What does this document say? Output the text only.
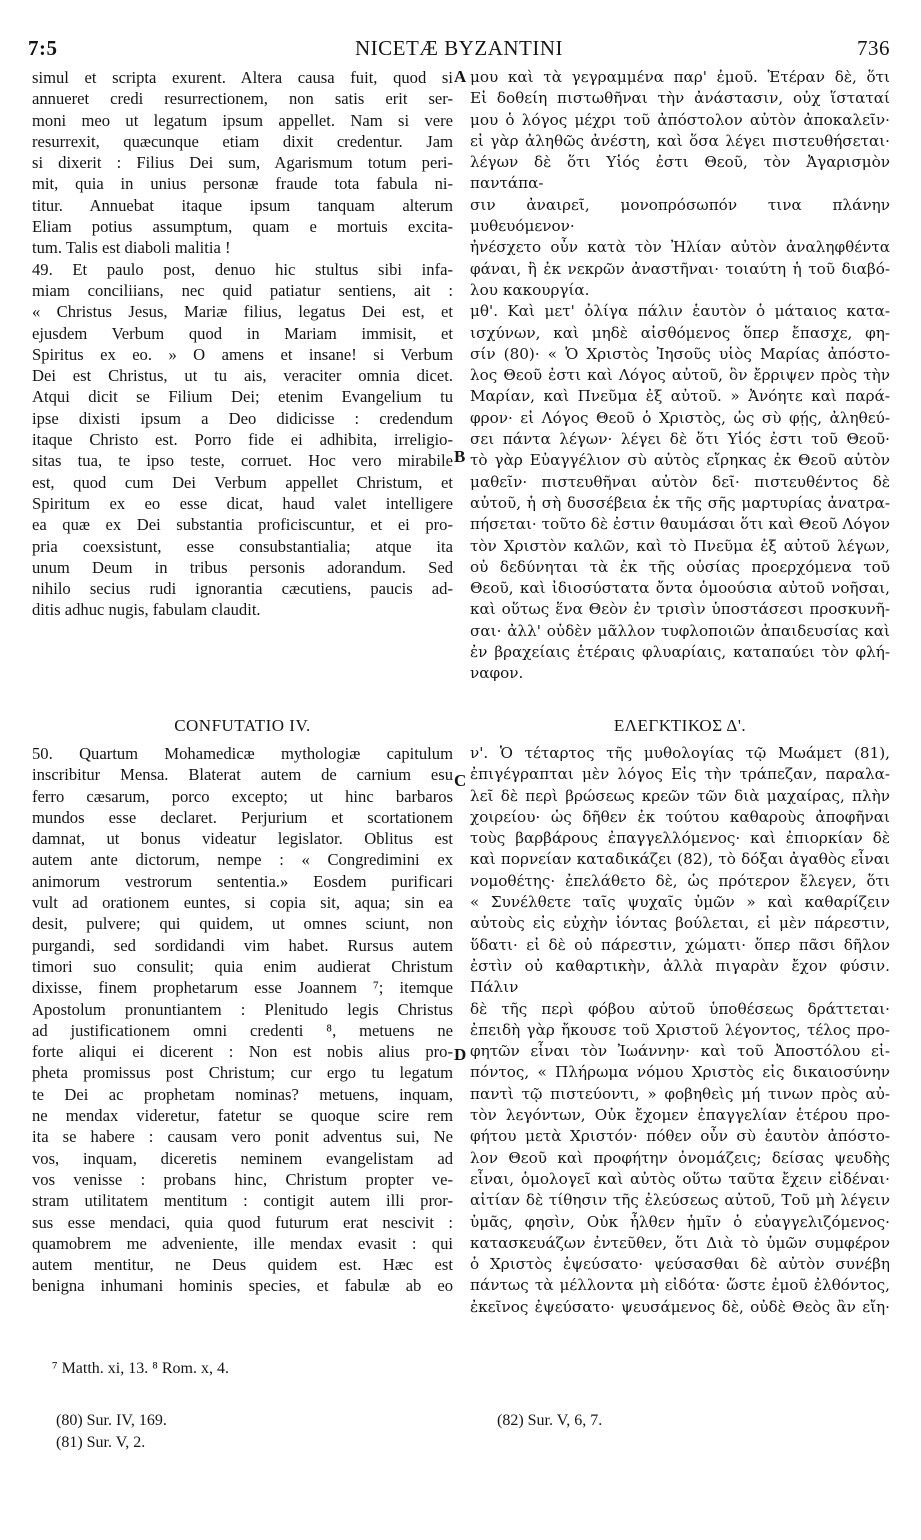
7:5	NICETÆ BYZANTINI	736
A
B
C
D

simul et scripta exurent. Altera causa fuit, quod si

annueret credi resurrectionem, non satis erit ser-

moni meo ut legatum ipsum appellet. Nam si vere

resurrexit, quæcunque etiam dixit credentur. Jam

si dixerit : Filius Dei sum, Agarismum totum peri-

mit, quia in unius personæ fraude tota fabula ni-

titur. Annuebat itaque ipsum tanquam alterum

Eliam potius assumptum, quam e mortuis excita-

tum. Talis est diaboli malitia !

49. Et paulo post, denuo hic stultus sibi infa-

miam conciliians, nec quid patiatur sentiens, ait :

« Christus Jesus, Mariæ filius, legatus Dei est, et

ejusdem Verbum quod in Mariam immisit, et

Spiritus ex eo. » O amens et insane! si Verbum

Dei est Christus, ut tu ais, veraciter omnia dicet.

Atqui dicit se Filium Dei; etenim Evangelium tu

ipse dixisti ipsum a Deo didicisse : credendum

itaque Christo est. Porro fide ei adhibita, irreligio-

sitas tua, te ipso teste, corruet. Hoc vero mirabile

est, quod cum Dei Verbum appellet Christum, et

Spiritum ex eo esse dicat, haud valet intelligere

ea quæ ex Dei substantia proficiscuntur, et ei pro-

pria coexsistunt, esse consubstantialia; atque ita

unum Deum in tribus personis adorandum. Sed

nihilo secius rudi ignorantia cæcutiens, paucis ad-

ditis adhuc nugis, fabulam claudit.

μου καὶ τὰ γεγραμμένα παρ' ἐμοῦ. Ἑτέραν δὲ, ὅτι

Εἰ δοθείη πιστωθῆναι τὴν ἀνάστασιν, οὐχ ἵσταταί

μου ὁ λόγος μέχρι τοῦ ἀπόστολον αὐτὸν ἀποκαλεῖν·

εἰ γὰρ ἀληθῶς ἀνέστη, καὶ ὅσα λέγει πιστευθήσεται·

λέγων δὲ ὅτι Υἱός ἐστι Θεοῦ, τὸν Ἀγαρισμὸν παντάπα-

σιν ἀναιρεῖ, μονοπρόσωπόν τινα πλάνην μυθευόμενον·

ἠνέσχετο οὖν κατὰ τὸν Ἠλίαν αὐτὸν ἀναληφθέντα

φάναι, ἢ ἐκ νεκρῶν ἀναστῆναι· τοιαύτη ἡ τοῦ διαβό-

λου κακουργία.

μθ'. Καὶ μετ' ὀλίγα πάλιν ἑαυτὸν ὁ μάταιος κατα-

ισχύνων, καὶ μηδὲ αἰσθόμενος ὅπερ ἔπασχε, φη-

σίν (80)· « Ὁ Χριστὸς Ἰησοῦς υἱὸς Μαρίας ἀπόστο-

λος Θεοῦ ἐστι καὶ Λόγος αὐτοῦ, ὃν ἔρριψεν πρὸς τὴν

Μαρίαν, καὶ Πνεῦμα ἐξ αὐτοῦ. » Ἀνόητε καὶ παρά-

φρον· εἰ Λόγος Θεοῦ ὁ Χριστὸς, ὡς σὺ φῄς, ἀληθεύ-

σει πάντα λέγων· λέγει δὲ ὅτι Υἱός ἐστι τοῦ Θεοῦ·

τὸ γὰρ Εὐαγγέλιον σὺ αὐτὸς εἴρηκας ἐκ Θεοῦ αὐτὸν

μαθεῖν· πιστευθῆναι αὐτὸν δεῖ· πιστευθέντος δὲ

αὐτοῦ, ἡ σὴ δυσσέβεια ἐκ τῆς σῆς μαρτυρίας ἀνατρα-

πήσεται· τοῦτο δὲ ἐστιν θαυμάσαι ὅτι καὶ Θεοῦ Λόγον

τὸν Χριστὸν καλῶν, καὶ τὸ Πνεῦμα ἐξ αὐτοῦ λέγων,

οὐ δεδύνηται τὰ ἐκ τῆς οὐσίας προερχόμενα τοῦ

Θεοῦ, καὶ ἰδιοσύστατα ὄντα ὁμοούσια αὐτοῦ νοῆσαι,

καὶ οὕτως ἕνα Θεὸν ἐν τρισὶν ὑποστάσεσι προσκυνῆ-

σαι· ἀλλ' οὐδὲν μᾶλλον τυφλοποιῶν ἀπαιδευσίας καὶ

ἐν βραχείαις ἑτέραις φλυαρίαις, καταπαύει τὸν φλή-

ναφον.

CONFUTATIO IV.	ΕΛΕΓΚΤΙΚΟΣ Δ'.

50. Quartum Mohamedicæ mythologiæ capitulum

inscribitur Mensa. Blaterat autem de carnium esu

ferro cæsarum, porco excepto; ut hinc barbaros

mundos esse declaret. Perjurium et scortationem

damnat, ut bonus videatur legislator. Oblitus est

autem ante dictorum, nempe : « Congredimini ex

animorum vestrorum sententia.» Eosdem purificari

vult ad orationem euntes, si copia sit, aqua; sin ea

desit, pulvere; qui quidem, ut omnes sciunt, non

purgandi, sed sordidandi vim habet. Rursus autem

timori suo consulit; quia enim audierat Christum

dixisse, finem prophetarum esse Joannem ⁷; itemque

Apostolum pronuntiantem : Plenitudo legis Christus

ad justificationem omni credenti ⁸, metuens ne

forte aliqui ei dicerent : Non est nobis alius pro-

pheta promissus post Christum; cur ergo tu legatum

te Dei ac prophetam nominas? metuens, inquam,

ne mendax videretur, fatetur se quoque scire rem

ita se habere : causam vero ponit adventus sui, Ne

vos, inquam, diceretis neminem evangelistam ad

vos venisse : probans hinc, Christum propter ve-

stram utilitatem mentitum : contigit autem illi pror-

sus esse mendaci, quia quod futurum erat nescivit :

quamobrem me adveniente, ille mendax evasit : qui

autem mentitur, ne Deus quidem est. Hæc est

benigna inhumani hominis species, et fabulæ ab eo

ν'. Ὁ τέταρτος τῆς μυθολογίας τῷ Μωάμετ (81),

ἐπιγέγραπται μὲν λόγος Εἰς τὴν τράπεζαν, παραλα-

λεῖ δὲ περὶ βρώσεως κρεῶν τῶν διὰ μαχαίρας, πλὴν

χοιρείου· ὡς δῆθεν ἐκ τούτου καθαροὺς ἀποφῆναι

τοὺς βαρβάρους ἐπαγγελλόμενος· καὶ ἐπιορκίαν δὲ

καὶ πορνείαν καταδικάζει (82), τὸ δόξαι ἀγαθὸς εἶναι

νομοθέτης· ἐπελάθετο δὲ, ὡς πρότερον ἔλεγεν, ὅτι

« Συνέλθετε ταῖς ψυχαῖς ὑμῶν » καὶ καθαρίζειν

αὐτοὺς εἰς εὐχὴν ἰόντας βούλεται, εἰ μὲν πάρεστιν,

ὕδατι· εἰ δὲ οὐ πάρεστιν, χώματι· ὅπερ πᾶσι δῆλον

ἐστὶν οὐ καθαρτικὴν, ἀλλὰ πιγαρὰν ἔχον φύσιν. Πάλιν

δὲ τῆς περὶ φόβου αὐτοῦ ὑποθέσεως δράττεται·

ἐπειδὴ γὰρ ἤκουσε τοῦ Χριστοῦ λέγοντος, τέλος προ-

φητῶν εἶναι τὸν Ἰωάννην· καὶ τοῦ Ἀποστόλου εἰ-

πόντος, « Πλήρωμα νόμου Χριστὸς εἰς δικαιοσύνην

παντὶ τῷ πιστεύοντι, » φοβηθεὶς μή τινων πρὸς αὐ-

τὸν λεγόντων, Οὐκ ἔχομεν ἐπαγγελίαν ἑτέρου προ-

φήτου μετὰ Χριστόν· πόθεν οὖν σὺ ἑαυτὸν ἀπόστο-

λον Θεοῦ καὶ προφήτην ὀνομάζεις; δείσας ψευδὴς

εἶναι, ὁμολογεῖ καὶ αὐτὸς οὕτω ταῦτα ἔχειν εἰδέναι·

αἰτίαν δὲ τίθησιν τῆς ἐλεύσεως αὐτοῦ, Τοῦ μὴ λέγειν

ὑμᾶς, φησὶν, Οὐκ ἦλθεν ἡμῖν ὁ εὐαγγελιζόμενος·

κατασκευάζων ἐντεῦθεν, ὅτι Διὰ τὸ ὑμῶν συμφέρον

ὁ Χριστὸς ἐψεύσατο· ψεύσασθαι δὲ αὐτὸν συνέβη

πάντως τὰ μέλλοντα μὴ εἰδότα· ὥστε ἐμοῦ ἐλθόντος,

ἐκεῖνος ἐψεύσατο· ψευσάμενος δὲ, οὐδὲ Θεὸς ἂν εἴη·

⁷ Matth. xi, 13. ⁸ Rom. x, 4.
(80) Sur. IV, 169.
(81) Sur. V, 2.
(82) Sur. V, 6, 7.
